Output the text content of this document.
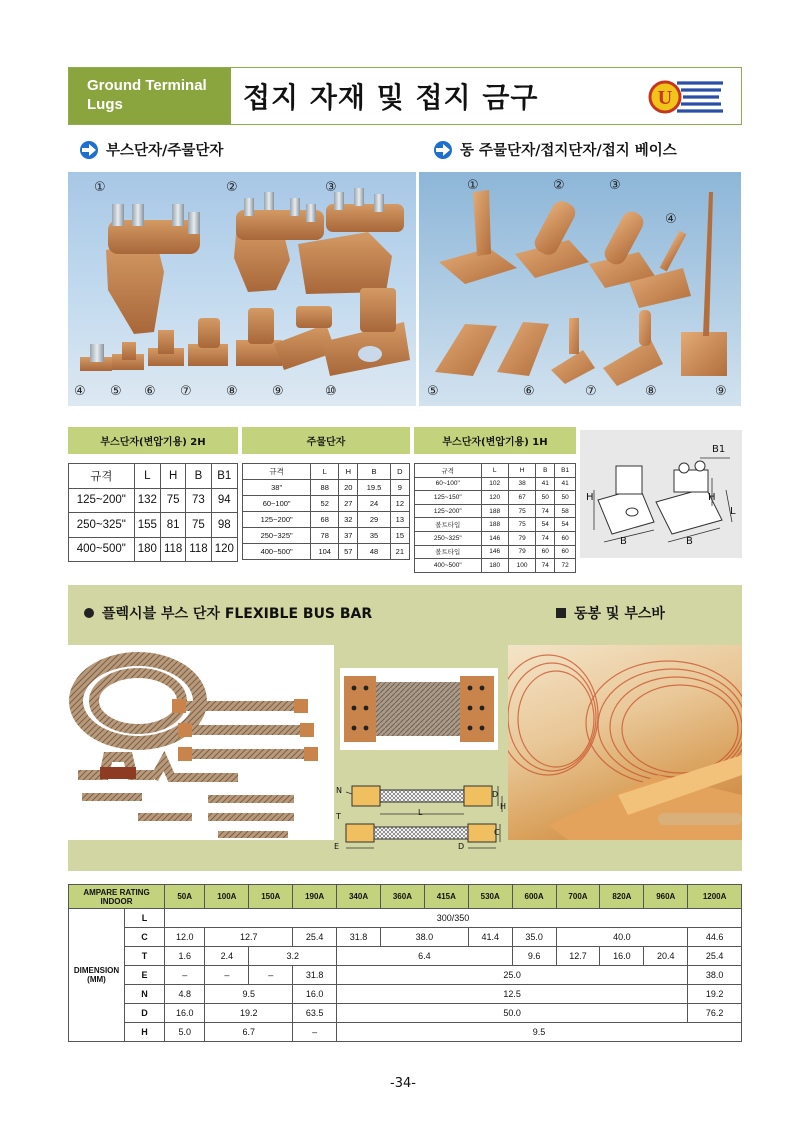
Ground Terminal
Lugs	접지 자재 및 접지 금구	U
부스단자/주물단자	동 주물단자/접지단자/접지 베이스
①	②	③
④ ⑤ ⑥ ⑦	⑧	⑨	⑩
①	②	③
④
⑤	⑥	⑦	⑧	⑨
부스단자(변압기용) 2H	주물단자	부스단자(변압기용) 1H
규격	L	H	B	B1
125~200"	132	75	73	94
250~325"	155	81	75	98
400~500"	180	118	118	120
규격	L	H	B	D
38"	88	20	19.5	9
60~100"	52	27	24	12
125~200"	68	32	29	13
250~325"	78	37	35	15
400~500"	104	57	48	21
규격	L	H	B	B1
60~100"	102	38	41	41
125~150"	120	67	50	50
125~200"	188	75	74	58
볼트타입	188	75	54	54
250~325"	146	79	74	60
볼트타입	146	79	60	60
400~500"	180	100	74	72
H	H
B	B
B1
L
플렉시블 부스 단자 FLEXIBLE BUS BAR	동봉 및 부스바
N
T	L
D
H
C
E	D
AMPARE RATING INDOOR		50A	100A	150A	190A	340A	360A	415A	530A	600A	700A	820A	960A	1200A

DIMENSION
(MM)	L	300/350												
	C	12.0	12.7		25.4	31.8	38.0		41.4	35.0	40.0			44.6
	T	1.6	2.4	3.2		6.4				9.6	12.7	16.0	20.4	25.4
	E	–	–	–	31.8	25.0								38.0
	N	4.8	9.5		16.0	12.5								19.2
	D	16.0	19.2		63.5	50.0								76.2
	H	5.0	6.7		–	9.5								
-34-
